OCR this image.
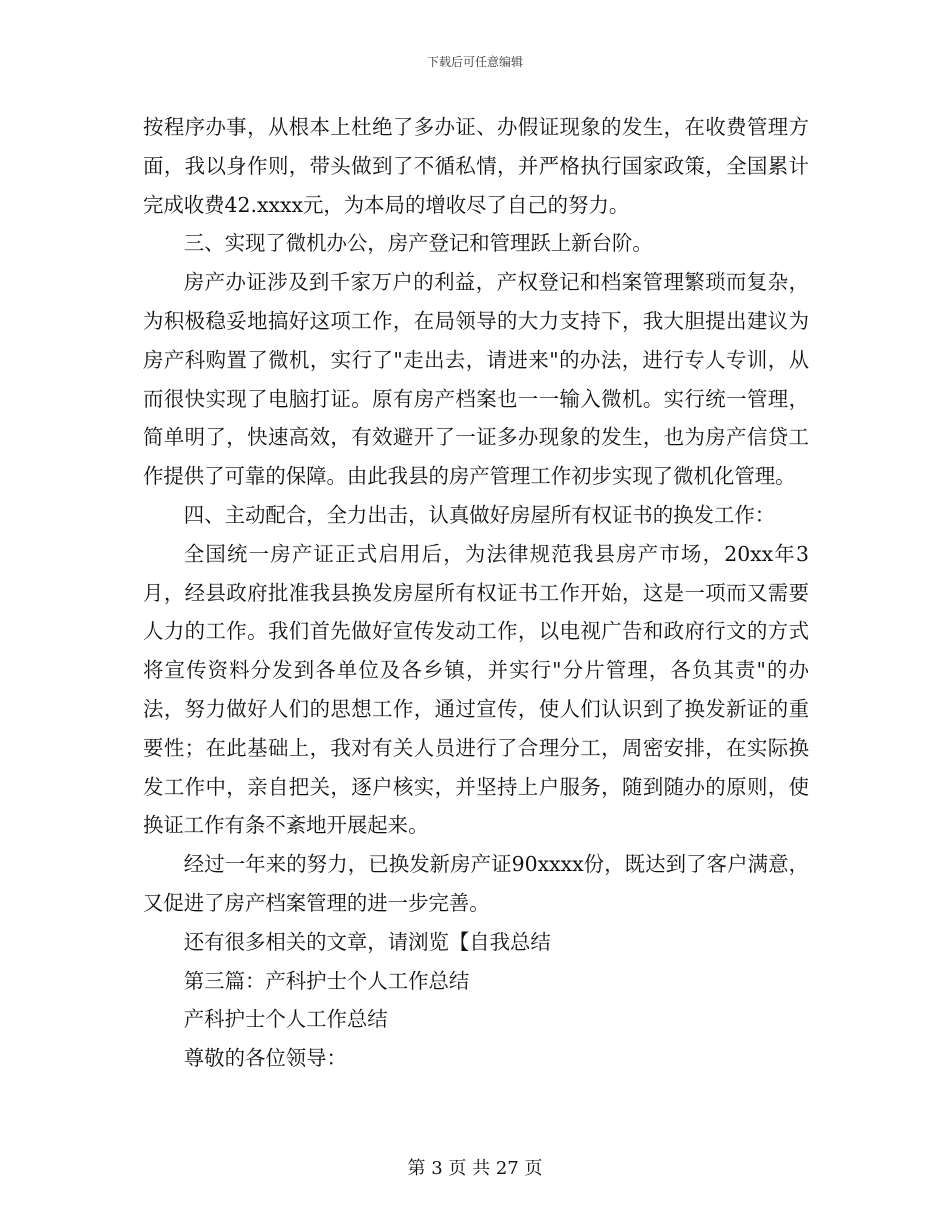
下载后可任意编辑

按程序办事，从根本上杜绝了多办证、办假证现象的发生，在收费管理方面，我以身作则，带头做到了不循私情，并严格执行国家政策，全国累计完成收费42.xxxx元，为本局的增收尽了自己的努力。

三、实现了微机办公，房产登记和管理跃上新台阶。

房产办证涉及到千家万户的利益，产权登记和档案管理繁琐而复杂，为积极稳妥地搞好这项工作，在局领导的大力支持下，我大胆提出建议为房产科购置了微机，实行了"走出去，请进来"的办法，进行专人专训，从而很快实现了电脑打证。原有房产档案也一一输入微机。实行统一管理，简单明了，快速高效，有效避开了一证多办现象的发生，也为房产信贷工作提供了可靠的保障。由此我县的房产管理工作初步实现了微机化管理。

四、主动配合，全力出击，认真做好房屋所有权证书的换发工作：

全国统一房产证正式启用后，为法律规范我县房产市场，20xx年3月，经县政府批准我县换发房屋所有权证书工作开始，这是一项而又需要人力的工作。我们首先做好宣传发动工作，以电视广告和政府行文的方式将宣传资料分发到各单位及各乡镇，并实行"分片管理，各负其责"的办法，努力做好人们的思想工作，通过宣传，使人们认识到了换发新证的重要性；在此基础上，我对有关人员进行了合理分工，周密安排，在实际换发工作中，亲自把关，逐户核实，并坚持上户服务，随到随办的原则，使换证工作有条不紊地开展起来。

经过一年来的努力，已换发新房产证90xxxx份，既达到了客户满意，又促进了房产档案管理的进一步完善。

还有很多相关的文章，请浏览【自我总结

第三篇：产科护士个人工作总结

产科护士个人工作总结

尊敬的各位领导：

第 3 页 共 27 页
